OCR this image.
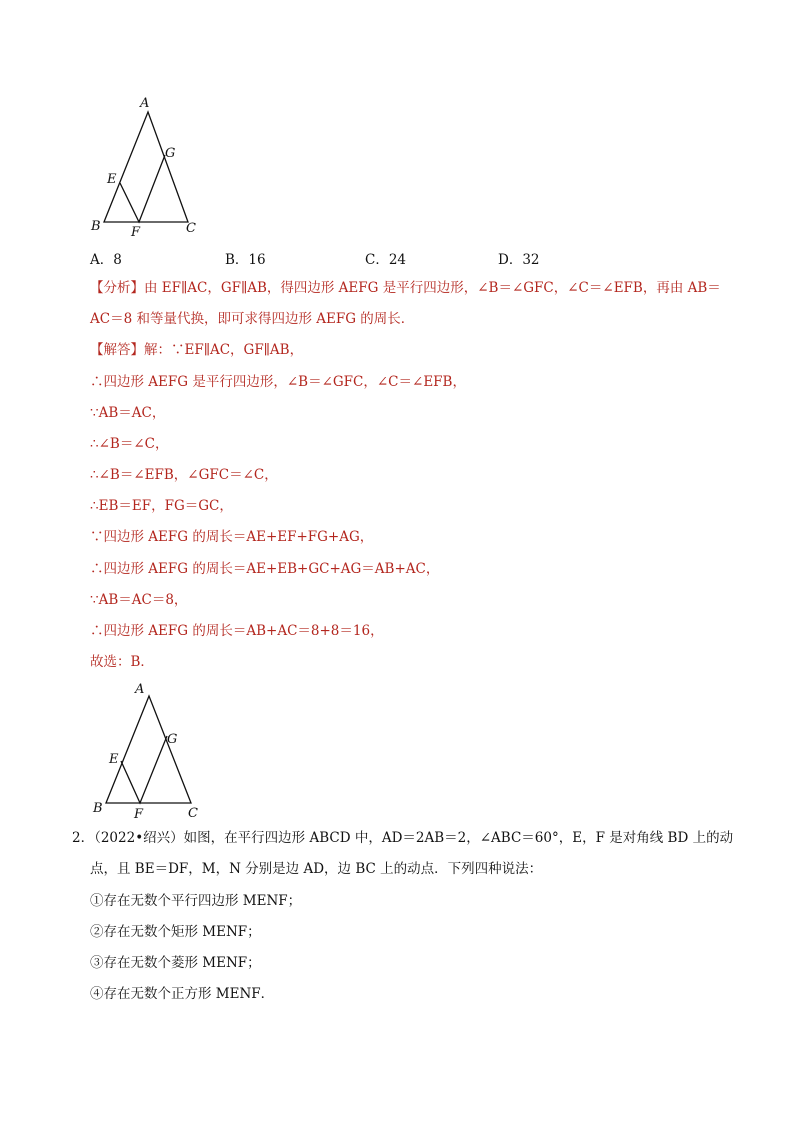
A
B	C
E
F
G
A．8	B．16	C．24	D．32
【分析】由 EF∥AC，GF∥AB，得四边形 AEFG 是平行四边形，∠B＝∠GFC，∠C＝∠EFB，再由 AB＝
AC＝8 和等量代换，即可求得四边形 AEFG 的周长．
【解答】解：∵EF∥AC，GF∥AB，
∴四边形 AEFG 是平行四边形，∠B＝∠GFC，∠C＝∠EFB，
∵AB＝AC，
∴∠B＝∠C，
∴∠B＝∠EFB，∠GFC＝∠C，
∴EB＝EF，FG＝GC，
∵四边形 AEFG 的周长＝AE+EF+FG+AG，
∴四边形 AEFG 的周长＝AE+EB+GC+AG＝AB+AC，
∵AB＝AC＝8，
∴四边形 AEFG 的周长＝AB+AC＝8+8＝16，
故选：B．
A
B	C
E
F
G
2．（2022•绍兴）如图，在平行四边形 ABCD 中，AD＝2AB＝2，∠ABC＝60°，E，F 是对角线 BD 上的动
点，且 BE＝DF，M，N 分别是边 AD，边 BC 上的动点．下列四种说法：
①存在无数个平行四边形 MENF；
②存在无数个矩形 MENF；
③存在无数个菱形 MENF；
④存在无数个正方形 MENF．
